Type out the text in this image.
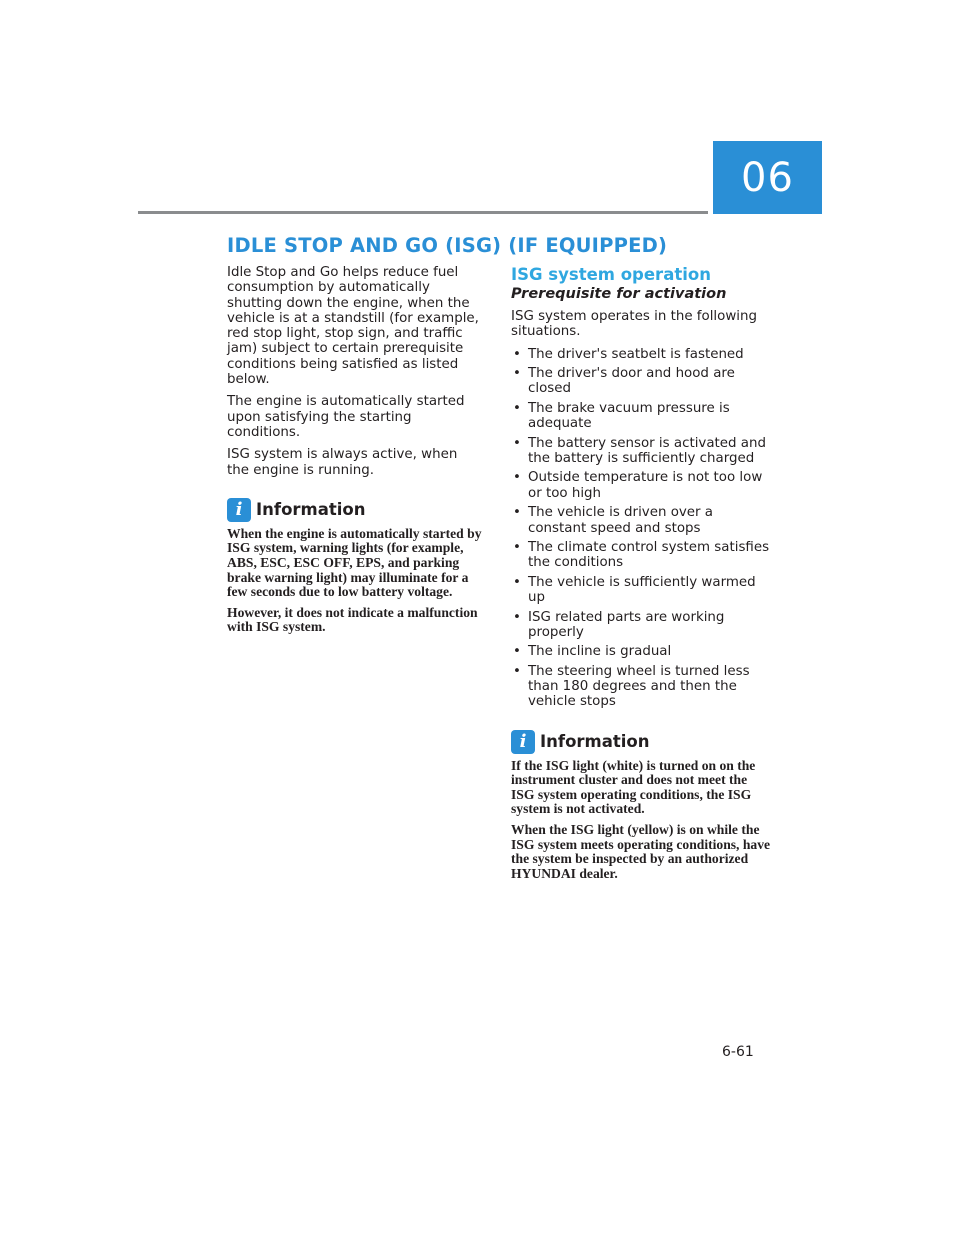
06
IDLE STOP AND GO (ISG) (IF EQUIPPED)

Idle Stop and Go helps reduce fuel consumption by automatically shutting down the engine, when the vehicle is at a standstill (for example, red stop light, stop sign, and traffic jam) subject to certain prerequisite conditions being satisfied as listed below.

The engine is automatically started upon satisfying the starting conditions.

ISG system is always active, when the engine is running.

i Information

When the engine is automatically started by ISG system, warning lights (for example, ABS, ESC, ESC OFF, EPS, and parking brake warning light) may illuminate for a few seconds due to low battery voltage.

However, it does not indicate a malfunction with ISG system.

ISG system operation
Prerequisite for activation

ISG system operates in the following situations.

• The driver's seatbelt is fastened
• The driver's door and hood are closed
• The brake vacuum pressure is adequate
• The battery sensor is activated and the battery is sufficiently charged
• Outside temperature is not too low or too high
• The vehicle is driven over a constant speed and stops
• The climate control system satisfies the conditions
• The vehicle is sufficiently warmed up
• ISG related parts are working properly
• The incline is gradual
• The steering wheel is turned less than 180 degrees and then the vehicle stops
i Information

If the ISG light (white) is turned on on the instrument cluster and does not meet the ISG system operating conditions, the ISG system is not activated.

When the ISG light (yellow) is on while the ISG system meets operating conditions, have the system be inspected by an authorized HYUNDAI dealer.

6-61
